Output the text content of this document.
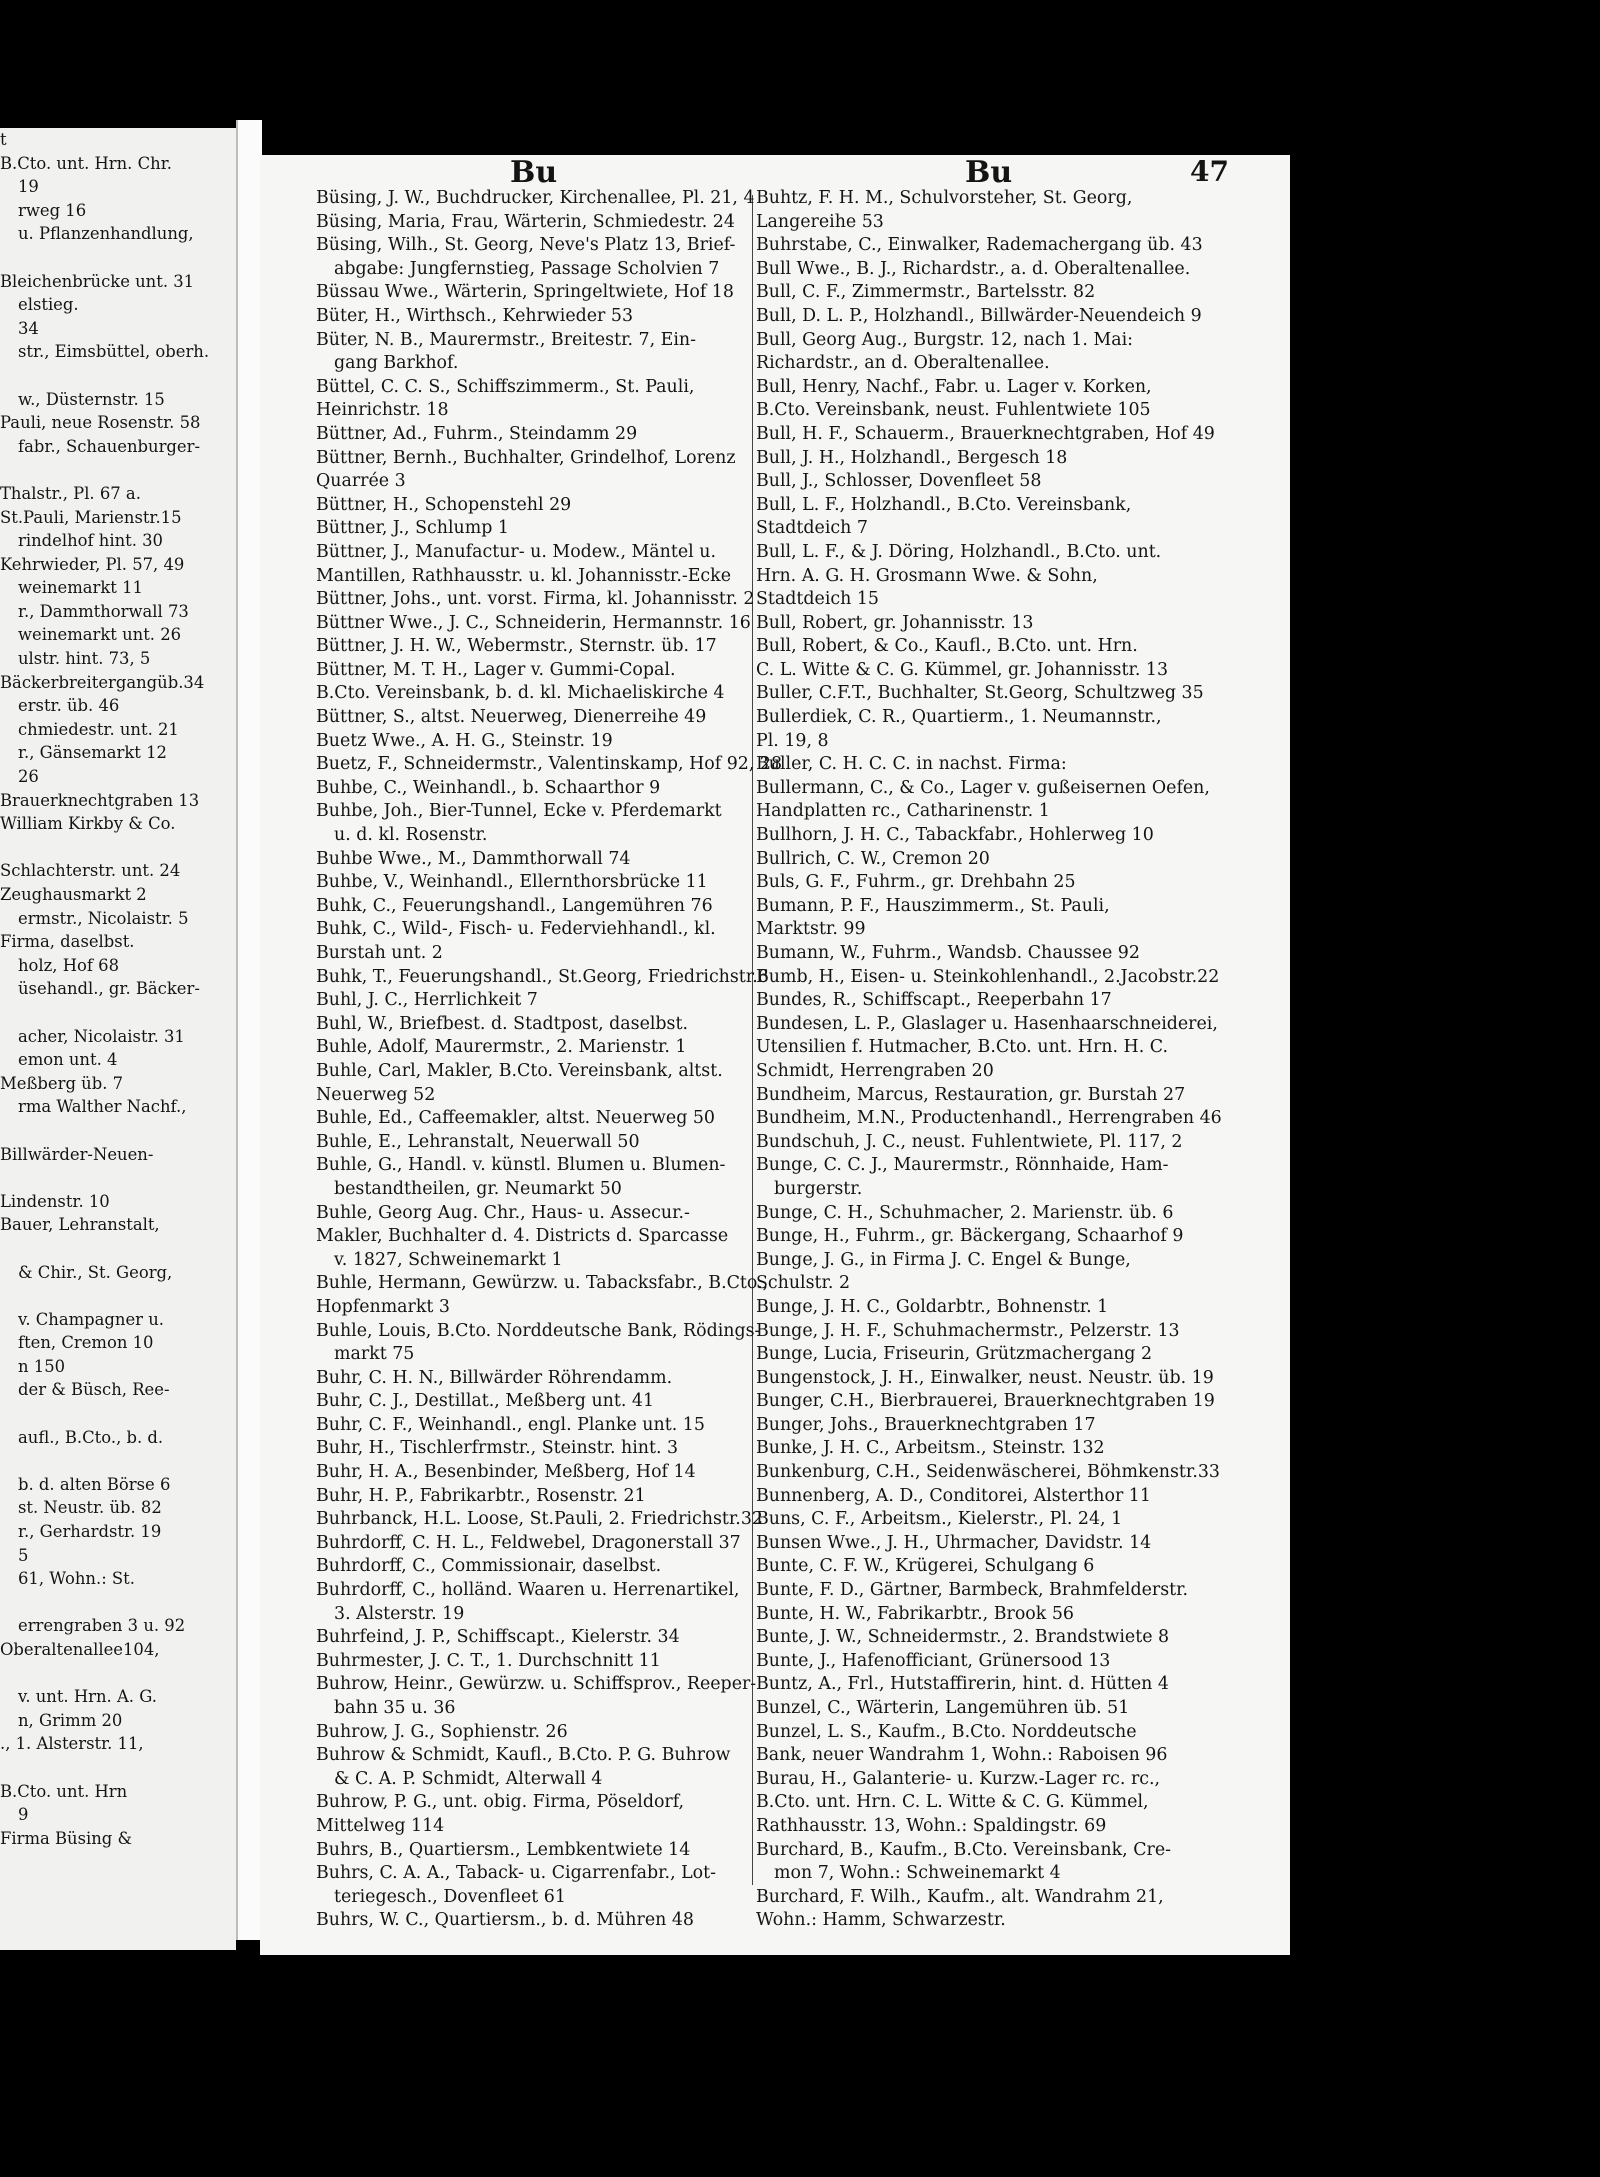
t
B.Cto. unt. Hrn. Chr.
19
rweg 16
u. Pflanzenhandlung,

Bleichenbrücke unt. 31
elstieg.
34
str., Eimsbüttel, oberh.

w., Düsternstr. 15
Pauli, neue Rosenstr. 58
fabr., Schauenburger-

Thalstr., Pl. 67 a.
St.Pauli, Marienstr.15
rindelhof hint. 30
Kehrwieder, Pl. 57, 49
weinemarkt 11
r., Dammthorwall 73
weinemarkt unt. 26
ulstr. hint. 73, 5
Bäckerbreitergangüb.34
erstr. üb. 46
chmiedestr. unt. 21
r., Gänsemarkt 12
26
Brauerknechtgraben 13
William Kirkby & Co.

Schlachterstr. unt. 24
Zeughausmarkt 2
ermstr., Nicolaistr. 5
Firma, daselbst.
holz, Hof 68
üsehandl., gr. Bäcker-

acher, Nicolaistr. 31
emon unt. 4
Meßberg üb. 7
rma Walther Nachf.,

Billwärder-Neuen-

Lindenstr. 10
Bauer, Lehranstalt,

& Chir., St. Georg,

v. Champagner u.
ften, Cremon 10
n 150
der & Büsch, Ree-

aufl., B.Cto., b. d.

b. d. alten Börse 6
st. Neustr. üb. 82
r., Gerhardstr. 19
5
61, Wohn.: St.

errengraben 3 u. 92
Oberaltenallee104,

v. unt. Hrn. A. G.
n, Grimm 20
., 1. Alsterstr. 11,

B.Cto. unt. Hrn
9
Firma Büsing &
Bu	Bu	47
Büsing, J. W., Buchdrucker, Kirchenallee, Pl. 21, 4
Büsing, Maria, Frau, Wärterin, Schmiedestr. 24
Büsing, Wilh., St. Georg, Neve's Platz 13, Brief-
abgabe: Jungfernstieg, Passage Scholvien 7
Büssau Wwe., Wärterin, Springeltwiete, Hof 18
Büter, H., Wirthsch., Kehrwieder 53
Büter, N. B., Maurermstr., Breitestr. 7, Ein-
gang Barkhof.
Büttel, C. C. S., Schiffszimmerm., St. Pauli,
Heinrichstr. 18
Büttner, Ad., Fuhrm., Steindamm 29
Büttner, Bernh., Buchhalter, Grindelhof, Lorenz
Quarrée 3
Büttner, H., Schopenstehl 29
Büttner, J., Schlump 1
Büttner, J., Manufactur- u. Modew., Mäntel u.
Mantillen, Rathhausstr. u. kl. Johannisstr.-Ecke
Büttner, Johs., unt. vorst. Firma, kl. Johannisstr. 2
Büttner Wwe., J. C., Schneiderin, Hermannstr. 16
Büttner, J. H. W., Webermstr., Sternstr. üb. 17
Büttner, M. T. H., Lager v. Gummi-Copal.
B.Cto. Vereinsbank, b. d. kl. Michaeliskirche 4
Büttner, S., altst. Neuerweg, Dienerreihe 49
Buetz Wwe., A. H. G., Steinstr. 19
Buetz, F., Schneidermstr., Valentinskamp, Hof 92, 28
Buhbe, C., Weinhandl., b. Schaarthor 9
Buhbe, Joh., Bier-Tunnel, Ecke v. Pferdemarkt
u. d. kl. Rosenstr.
Buhbe Wwe., M., Dammthorwall 74
Buhbe, V., Weinhandl., Ellernthorsbrücke 11
Buhk, C., Feuerungshandl., Langemühren 76
Buhk, C., Wild-, Fisch- u. Federviehhandl., kl.
Burstah unt. 2
Buhk, T., Feuerungshandl., St.Georg, Friedrichstr.6
Buhl, J. C., Herrlichkeit 7
Buhl, W., Briefbest. d. Stadtpost, daselbst.
Buhle, Adolf, Maurermstr., 2. Marienstr. 1
Buhle, Carl, Makler, B.Cto. Vereinsbank, altst.
Neuerweg 52
Buhle, Ed., Caffeemakler, altst. Neuerweg 50
Buhle, E., Lehranstalt, Neuerwall 50
Buhle, G., Handl. v. künstl. Blumen u. Blumen-
bestandtheilen, gr. Neumarkt 50
Buhle, Georg Aug. Chr., Haus- u. Assecur.-
Makler, Buchhalter d. 4. Districts d. Sparcasse
v. 1827, Schweinemarkt 1
Buhle, Hermann, Gewürzw. u. Tabacksfabr., B.Cto.,
Hopfenmarkt 3
Buhle, Louis, B.Cto. Norddeutsche Bank, Rödings-
markt 75
Buhr, C. H. N., Billwärder Röhrendamm.
Buhr, C. J., Destillat., Meßberg unt. 41
Buhr, C. F., Weinhandl., engl. Planke unt. 15
Buhr, H., Tischlerfrmstr., Steinstr. hint. 3
Buhr, H. A., Besenbinder, Meßberg, Hof 14
Buhr, H. P., Fabrikarbtr., Rosenstr. 21
Buhrbanck, H.L. Loose, St.Pauli, 2. Friedrichstr.32
Buhrdorff, C. H. L., Feldwebel, Dragonerstall 37
Buhrdorff, C., Commissionair, daselbst.
Buhrdorff, C., holländ. Waaren u. Herrenartikel,
3. Alsterstr. 19
Buhrfeind, J. P., Schiffscapt., Kielerstr. 34
Buhrmester, J. C. T., 1. Durchschnitt 11
Buhrow, Heinr., Gewürzw. u. Schiffsprov., Reeper-
bahn 35 u. 36
Buhrow, J. G., Sophienstr. 26
Buhrow & Schmidt, Kaufl., B.Cto. P. G. Buhrow
& C. A. P. Schmidt, Alterwall 4
Buhrow, P. G., unt. obig. Firma, Pöseldorf,
Mittelweg 114
Buhrs, B., Quartiersm., Lembkentwiete 14
Buhrs, C. A. A., Taback- u. Cigarrenfabr., Lot-
teriegesch., Dovenfleet 61
Buhrs, W. C., Quartiersm., b. d. Mühren 48
Buhtz, F. H. M., Schulvorsteher, St. Georg,
Langereihe 53
Buhrstabe, C., Einwalker, Rademachergang üb. 43
Bull Wwe., B. J., Richardstr., a. d. Oberaltenallee.
Bull, C. F., Zimmermstr., Bartelsstr. 82
Bull, D. L. P., Holzhandl., Billwärder-Neuendeich 9
Bull, Georg Aug., Burgstr. 12, nach 1. Mai:
Richardstr., an d. Oberaltenallee.
Bull, Henry, Nachf., Fabr. u. Lager v. Korken,
B.Cto. Vereinsbank, neust. Fuhlentwiete 105
Bull, H. F., Schauerm., Brauerknechtgraben, Hof 49
Bull, J. H., Holzhandl., Bergesch 18
Bull, J., Schlosser, Dovenfleet 58
Bull, L. F., Holzhandl., B.Cto. Vereinsbank,
Stadtdeich 7
Bull, L. F., & J. Döring, Holzhandl., B.Cto. unt.
Hrn. A. G. H. Grosmann Wwe. & Sohn,
Stadtdeich 15
Bull, Robert, gr. Johannisstr. 13
Bull, Robert, & Co., Kaufl., B.Cto. unt. Hrn.
C. L. Witte & C. G. Kümmel, gr. Johannisstr. 13
Buller, C.F.T., Buchhalter, St.Georg, Schultzweg 35
Bullerdiek, C. R., Quartierm., 1. Neumannstr.,
Pl. 19, 8
Buller, C. H. C. C. in nachst. Firma:
Bullermann, C., & Co., Lager v. gußeisernen Oefen,
Handplatten rc., Catharinenstr. 1
Bullhorn, J. H. C., Tabackfabr., Hohlerweg 10
Bullrich, C. W., Cremon 20
Buls, G. F., Fuhrm., gr. Drehbahn 25
Bumann, P. F., Hauszimmerm., St. Pauli,
Marktstr. 99
Bumann, W., Fuhrm., Wandsb. Chaussee 92
Bumb, H., Eisen- u. Steinkohlenhandl., 2.Jacobstr.22
Bundes, R., Schiffscapt., Reeperbahn 17
Bundesen, L. P., Glaslager u. Hasenhaarschneiderei,
Utensilien f. Hutmacher, B.Cto. unt. Hrn. H. C.
Schmidt, Herrengraben 20
Bundheim, Marcus, Restauration, gr. Burstah 27
Bundheim, M.N., Productenhandl., Herrengraben 46
Bundschuh, J. C., neust. Fuhlentwiete, Pl. 117, 2
Bunge, C. C. J., Maurermstr., Rönnhaide, Ham-
burgerstr.
Bunge, C. H., Schuhmacher, 2. Marienstr. üb. 6
Bunge, H., Fuhrm., gr. Bäckergang, Schaarhof 9
Bunge, J. G., in Firma J. C. Engel & Bunge,
Schulstr. 2
Bunge, J. H. C., Goldarbtr., Bohnenstr. 1
Bunge, J. H. F., Schuhmachermstr., Pelzerstr. 13
Bunge, Lucia, Friseurin, Grützmachergang 2
Bungenstock, J. H., Einwalker, neust. Neustr. üb. 19
Bunger, C.H., Bierbrauerei, Brauerknechtgraben 19
Bunger, Johs., Brauerknechtgraben 17
Bunke, J. H. C., Arbeitsm., Steinstr. 132
Bunkenburg, C.H., Seidenwäscherei, Böhmkenstr.33
Bunnenberg, A. D., Conditorei, Alsterthor 11
Buns, C. F., Arbeitsm., Kielerstr., Pl. 24, 1
Bunsen Wwe., J. H., Uhrmacher, Davidstr. 14
Bunte, C. F. W., Krügerei, Schulgang 6
Bunte, F. D., Gärtner, Barmbeck, Brahmfelderstr.
Bunte, H. W., Fabrikarbtr., Brook 56
Bunte, J. W., Schneidermstr., 2. Brandstwiete 8
Bunte, J., Hafenofficiant, Grünersood 13
Buntz, A., Frl., Hutstaffirerin, hint. d. Hütten 4
Bunzel, C., Wärterin, Langemühren üb. 51
Bunzel, L. S., Kaufm., B.Cto. Norddeutsche
Bank, neuer Wandrahm 1, Wohn.: Raboisen 96
Burau, H., Galanterie- u. Kurzw.-Lager rc. rc.,
B.Cto. unt. Hrn. C. L. Witte & C. G. Kümmel,
Rathhausstr. 13, Wohn.: Spaldingstr. 69
Burchard, B., Kaufm., B.Cto. Vereinsbank, Cre-
mon 7, Wohn.: Schweinemarkt 4
Burchard, F. Wilh., Kaufm., alt. Wandrahm 21,
Wohn.: Hamm, Schwarzestr.
